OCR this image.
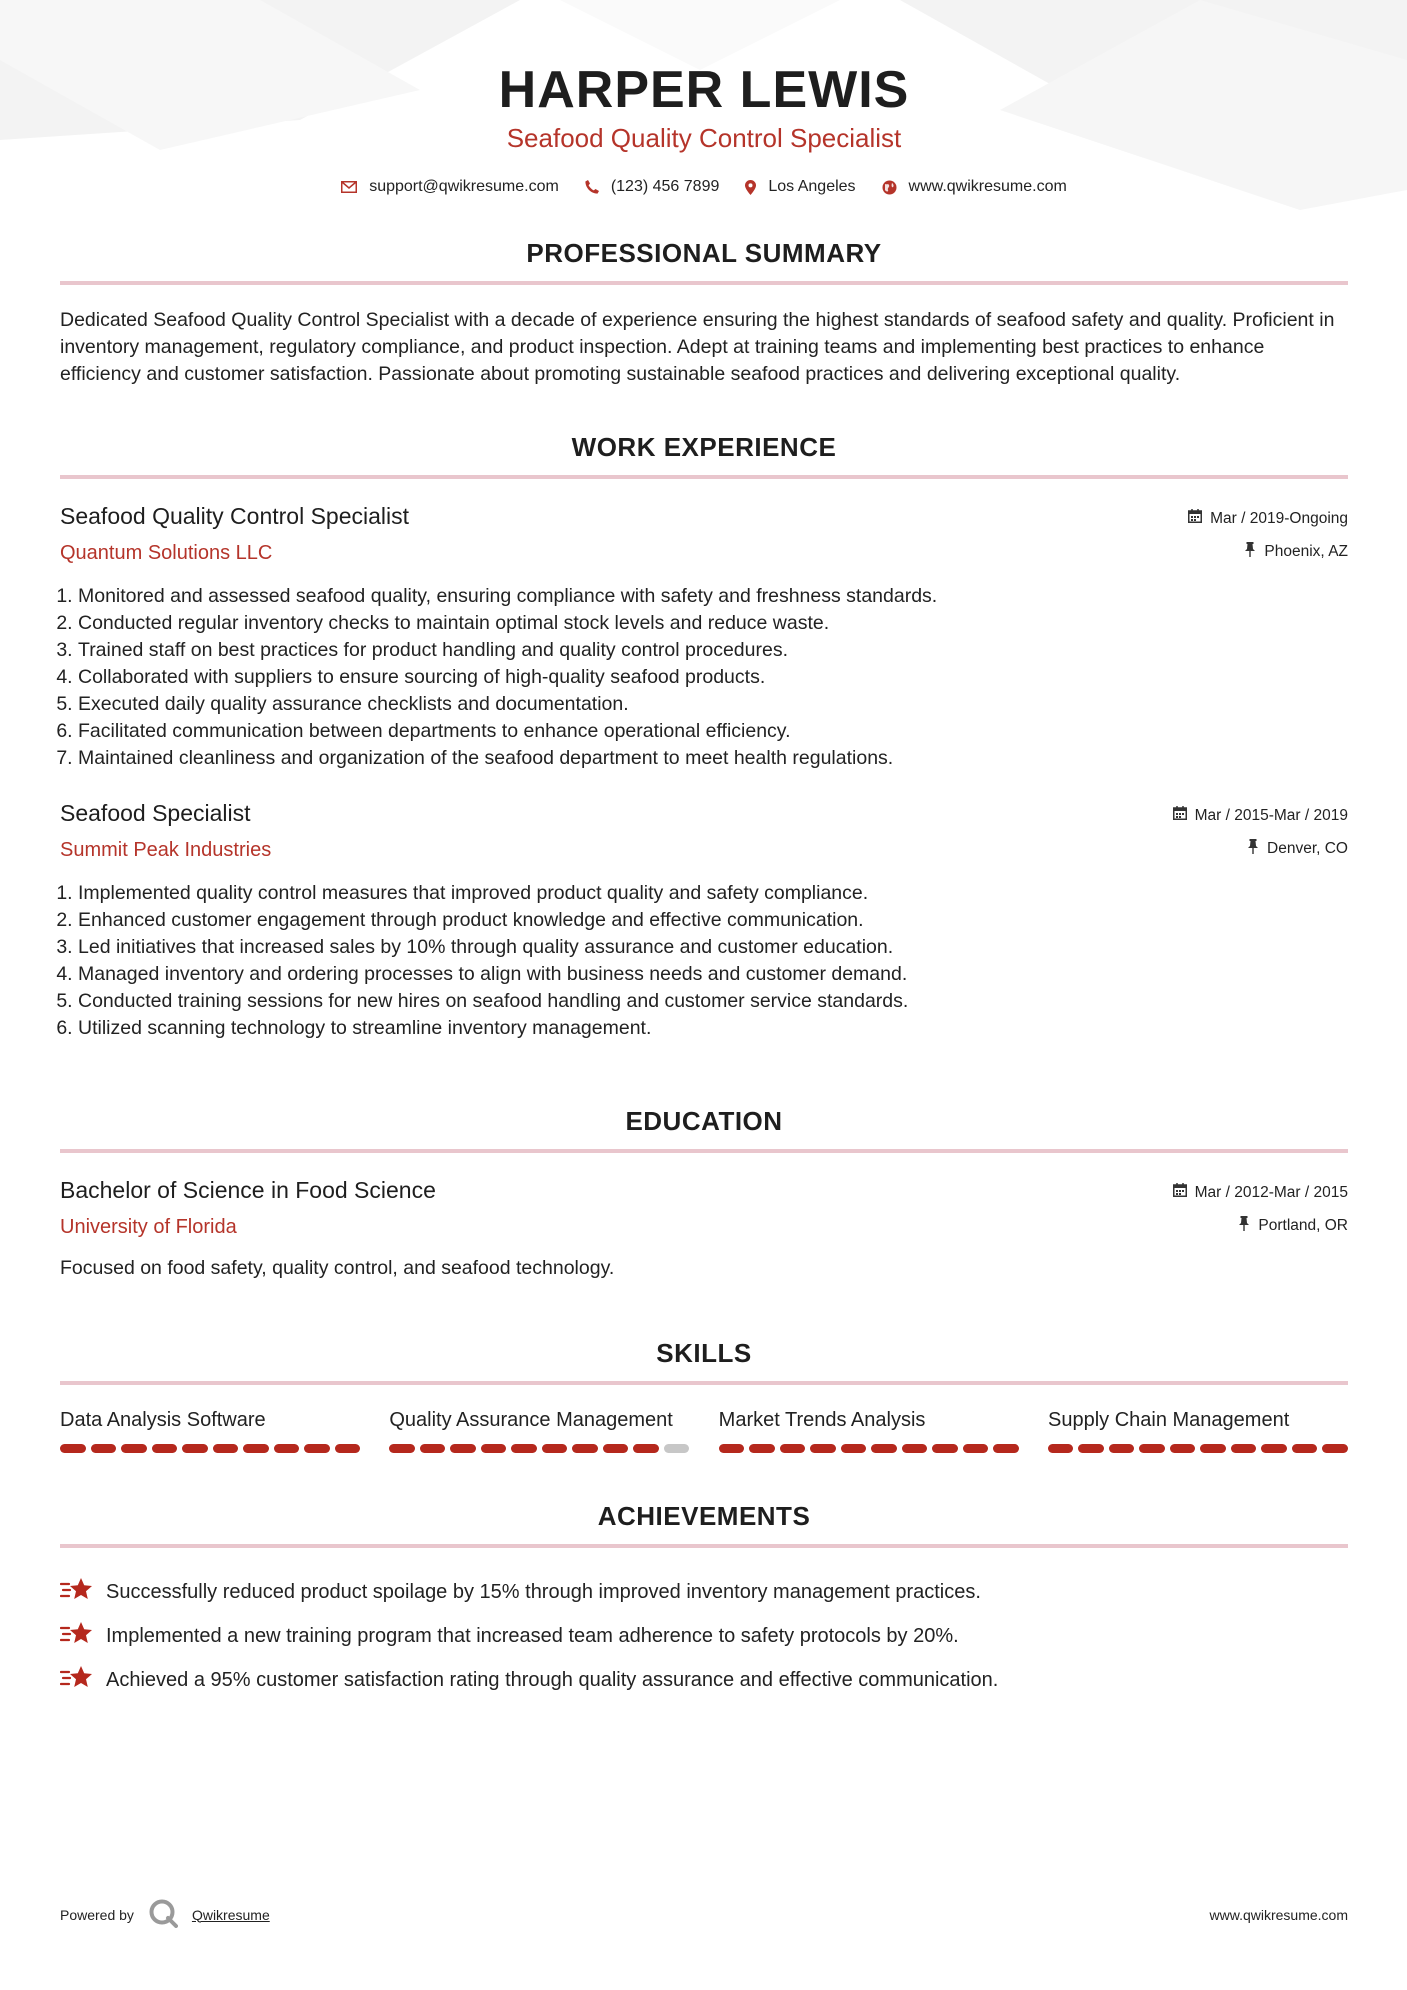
HARPER LEWIS
Seafood Quality Control Specialist
support@qwikresume.com	(123) 456 7899	Los Angeles	www.qwikresume.com
PROFESSIONAL SUMMARY
Dedicated Seafood Quality Control Specialist with a decade of experience ensuring the highest standards of seafood safety and quality. Proficient in inventory management, regulatory compliance, and product inspection. Adept at training teams and implementing best practices to enhance efficiency and customer satisfaction. Passionate about promoting sustainable seafood practices and delivering exceptional quality.
WORK EXPERIENCE
Seafood Quality Control Specialist
Quantum Solutions LLC
Mar / 2019-Ongoing
Phoenix, AZ
1. Monitored and assessed seafood quality, ensuring compliance with safety and freshness standards.
2. Conducted regular inventory checks to maintain optimal stock levels and reduce waste.
3. Trained staff on best practices for product handling and quality control procedures.
4. Collaborated with suppliers to ensure sourcing of high-quality seafood products.
5. Executed daily quality assurance checklists and documentation.
6. Facilitated communication between departments to enhance operational efficiency.
7. Maintained cleanliness and organization of the seafood department to meet health regulations.
Seafood Specialist
Summit Peak Industries
Mar / 2015-Mar / 2019
Denver, CO
1. Implemented quality control measures that improved product quality and safety compliance.
2. Enhanced customer engagement through product knowledge and effective communication.
3. Led initiatives that increased sales by 10% through quality assurance and customer education.
4. Managed inventory and ordering processes to align with business needs and customer demand.
5. Conducted training sessions for new hires on seafood handling and customer service standards.
6. Utilized scanning technology to streamline inventory management.
EDUCATION
Bachelor of Science in Food Science
University of Florida
Mar / 2012-Mar / 2015
Portland, OR
Focused on food safety, quality control, and seafood technology.
SKILLS
Data Analysis Software	Quality Assurance Management	Market Trends Analysis	Supply Chain Management
ACHIEVEMENTS
Successfully reduced product spoilage by 15% through improved inventory management practices.
Implemented a new training program that increased team adherence to safety protocols by 20%.
Achieved a 95% customer satisfaction rating through quality assurance and effective communication.
Powered by	Qwikresume	www.qwikresume.com
